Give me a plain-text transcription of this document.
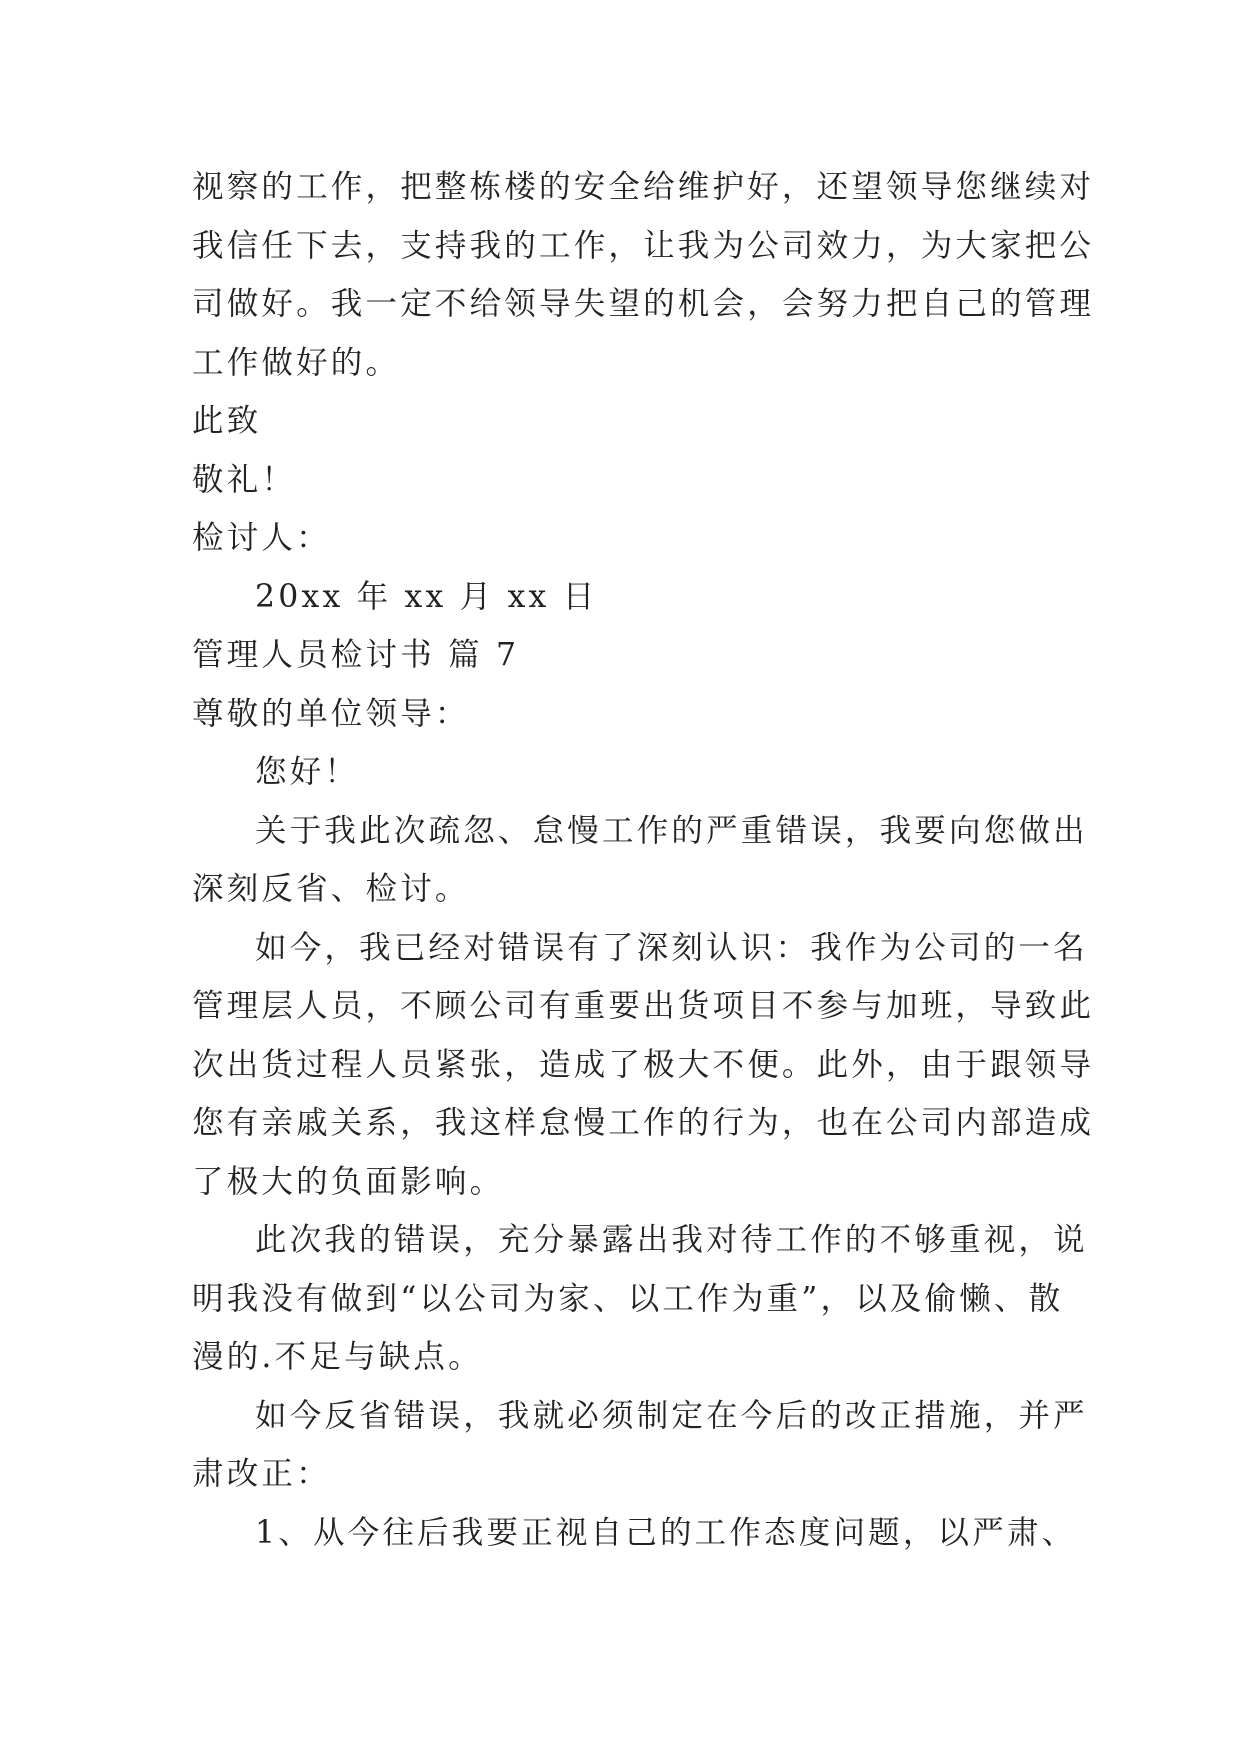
视察的工作，把整栋楼的安全给维护好，还望领导您继续对
我信任下去，支持我的工作，让我为公司效力，为大家把公
司做好。我一定不给领导失望的机会，会努力把自己的管理
工作做好的。
此致
敬礼！
检讨人：
20xx 年 xx 月 xx 日
管理人员检讨书 篇 7
尊敬的单位领导：
您好！
关于我此次疏忽、怠慢工作的严重错误，我要向您做出
深刻反省、检讨。
如今，我已经对错误有了深刻认识：我作为公司的一名
管理层人员，不顾公司有重要出货项目不参与加班，导致此
次出货过程人员紧张，造成了极大不便。此外，由于跟领导
您有亲戚关系，我这样怠慢工作的行为，也在公司内部造成
了极大的负面影响。
此次我的错误，充分暴露出我对待工作的不够重视，说
明我没有做到“以公司为家、以工作为重”，以及偷懒、散
漫的.不足与缺点。
如今反省错误，我就必须制定在今后的改正措施，并严
肃改正：
1、从今往后我要正视自己的工作态度问题，以严肃、
